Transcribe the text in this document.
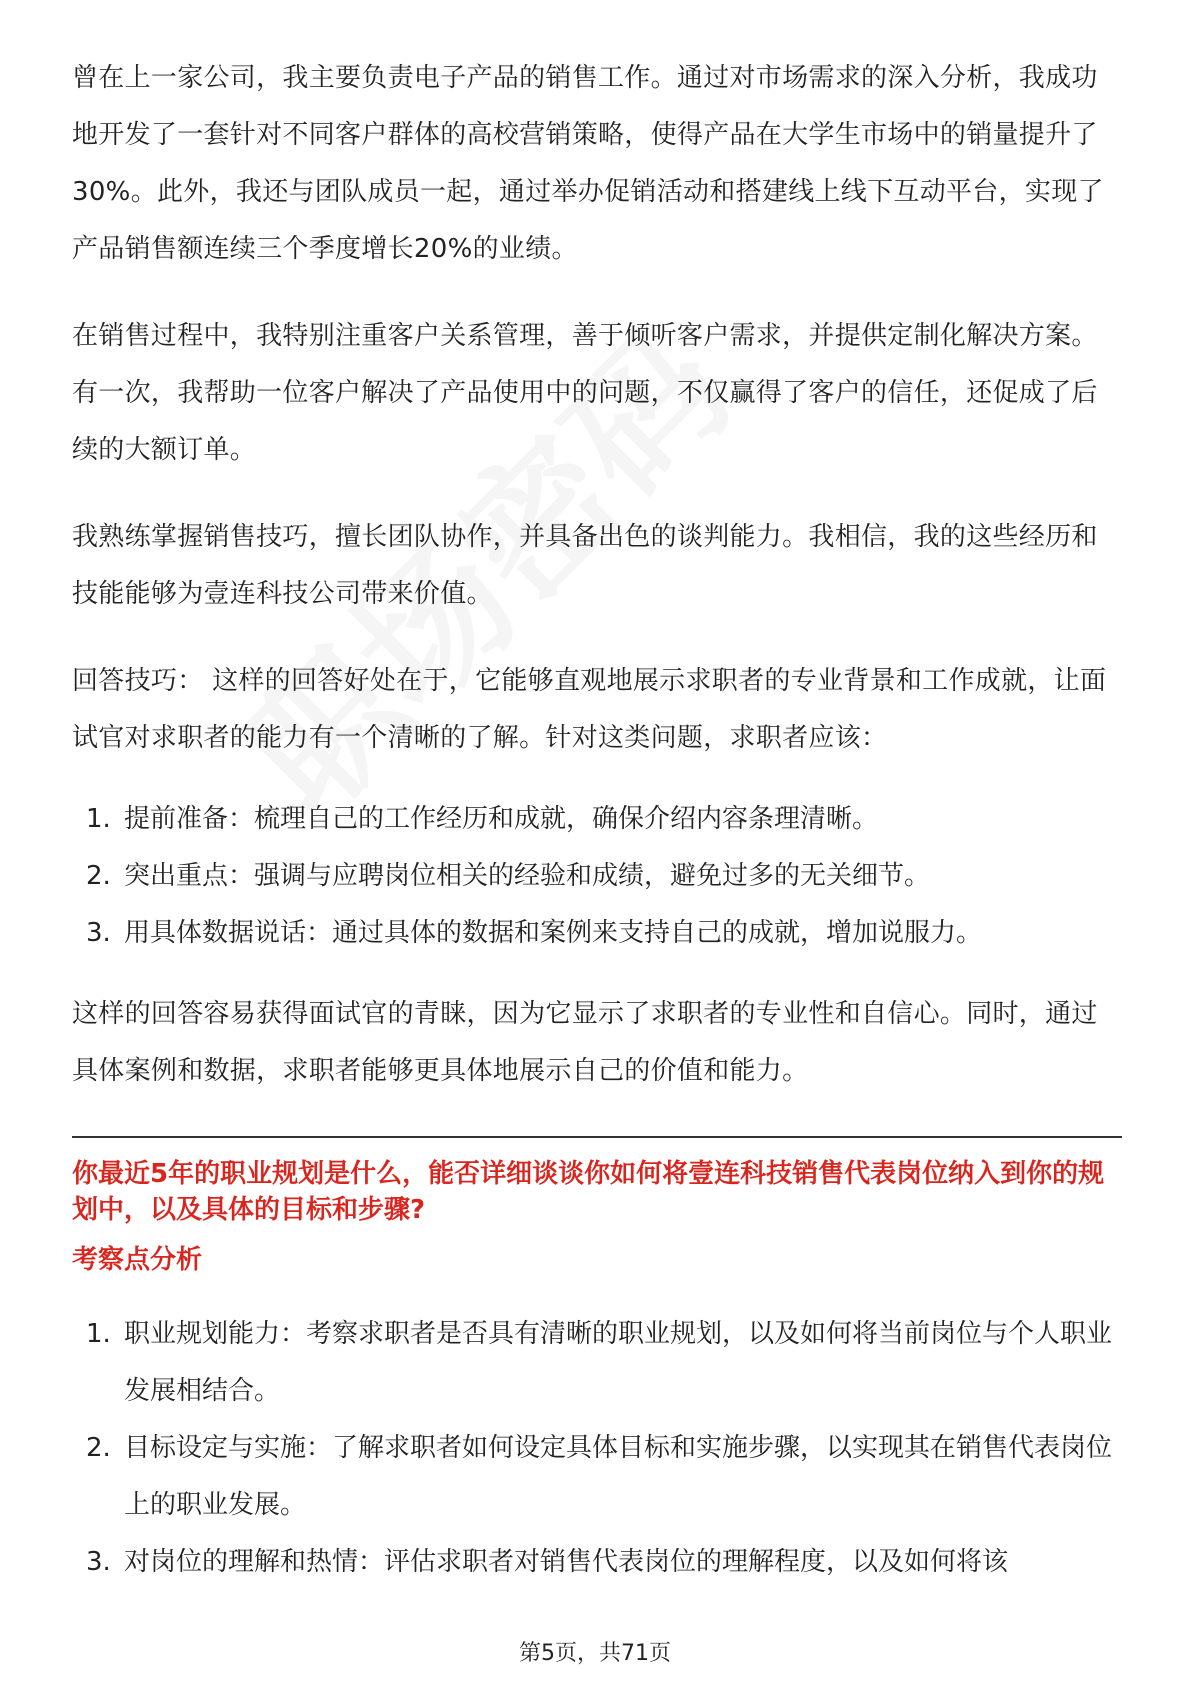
曾在上一家公司，我主要负责电子产品的销售工作。通过对市场需求的深入分析，我成功地开发了一套针对不同客户群体的高校营销策略，使得产品在大学生市场中的销量提升了30%。此外，我还与团队成员一起，通过举办促销活动和搭建线上线下互动平台，实现了产品销售额连续三个季度增长20%的业绩。

在销售过程中，我特别注重客户关系管理，善于倾听客户需求，并提供定制化解决方案。有一次，我帮助一位客户解决了产品使用中的问题，不仅赢得了客户的信任，还促成了后续的大额订单。

我熟练掌握销售技巧，擅长团队协作，并具备出色的谈判能力。我相信，我的这些经历和技能能够为壹连科技公司带来价值。

回答技巧： 这样的回答好处在于，它能够直观地展示求职者的专业背景和工作成就，让面试官对求职者的能力有一个清晰的了解。针对这类问题，求职者应该：

1. 提前准备：梳理自己的工作经历和成就，确保介绍内容条理清晰。
2. 突出重点：强调与应聘岗位相关的经验和成绩，避免过多的无关细节。
3. 用具体数据说话：通过具体的数据和案例来支持自己的成就，增加说服力。

这样的回答容易获得面试官的青睐，因为它显示了求职者的专业性和自信心。同时，通过具体案例和数据，求职者能够更具体地展示自己的价值和能力。

你最近5年的职业规划是什么，能否详细谈谈你如何将壹连科技销售代表岗位纳入到你的规划中，以及具体的目标和步骤?

考察点分析

1. 职业规划能力：考察求职者是否具有清晰的职业规划，以及如何将当前岗位与个人职业发展相结合。
2. 目标设定与实施：了解求职者如何设定具体目标和实施步骤，以实现其在销售代表岗位上的职业发展。
3. 对岗位的理解和热情：评估求职者对销售代表岗位的理解程度，以及如何将该
第5页，共71页
